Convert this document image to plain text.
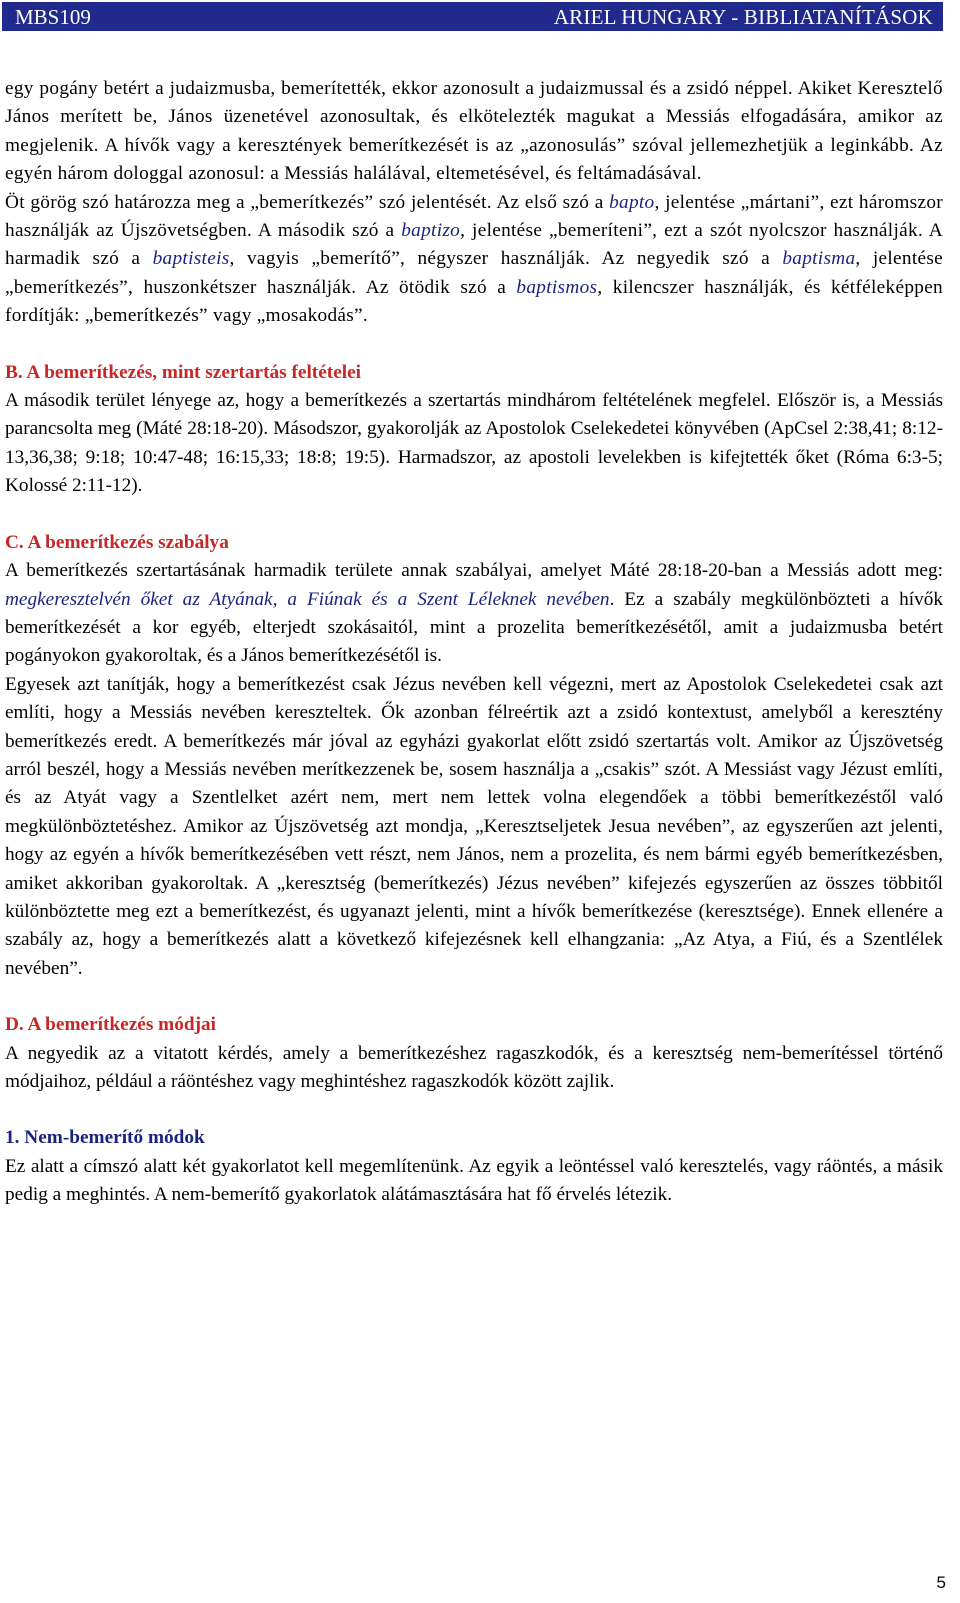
MBS109	ARIEL HUNGARY - BIBLIATANÍTÁSOK

egy pogány betért a judaizmusba, bemerítették, ekkor azonosult a judaizmussal és a zsidó néppel. Akiket Keresztelő János merített be, János üzenetével azonosultak, és elkötelezték magukat a Messiás elfogadására, amikor az megjelenik. A hívők vagy a keresztények bemerítkezését is az „azonosulás” szóval jellemezhetjük a leginkább. Az egyén három dologgal azonosul: a Messiás halálával, eltemetésével, és feltámadásával.

Öt görög szó határozza meg a „bemerítkezés” szó jelentését. Az első szó a bapto, jelentése „mártani”, ezt háromszor használják az Újszövetségben. A második szó a baptizo, jelentése „bemeríteni”, ezt a szót nyolcszor használják. A harmadik szó a baptisteis, vagyis „bemerítő”, négyszer használják. Az negyedik szó a baptisma, jelentése „bemerítkezés”, huszonkétszer használják. Az ötödik szó a baptismos, kilencszer használják, és kétféleképpen fordítják: „bemerítkezés” vagy „mosakodás”.

B. A bemerítkezés, mint szertartás feltételei

A második terület lényege az, hogy a bemerítkezés a szertartás mindhárom feltételének megfelel. Először is, a Messiás parancsolta meg (Máté 28:18-20). Másodszor, gyakorolják az Apostolok Cselekedetei könyvében (ApCsel 2:38,41; 8:12-13,36,38; 9:18; 10:47-48; 16:15,33; 18:8; 19:5). Harmadszor, az apostoli levelekben is kifejtették őket (Róma 6:3-5; Kolossé 2:11-12).

C. A bemerítkezés szabálya

A bemerítkezés szertartásának harmadik területe annak szabályai, amelyet Máté 28:18-20-ban a Messiás adott meg: megkeresztelvén őket az Atyának, a Fiúnak és a Szent Léleknek nevében. Ez a szabály megkülönbözteti a hívők bemerítkezését a kor egyéb, elterjedt szokásaitól, mint a prozelita bemerítkezésétől, amit a judaizmusba betért pogányokon gyakoroltak, és a János bemerítkezésétől is.

Egyesek azt tanítják, hogy a bemerítkezést csak Jézus nevében kell végezni, mert az Apostolok Cselekedetei csak azt említi, hogy a Messiás nevében kereszteltek. Ők azonban félreértik azt a zsidó kontextust, amelyből a keresztény bemerítkezés eredt. A bemerítkezés már jóval az egyházi gyakorlat előtt zsidó szertartás volt. Amikor az Újszövetség arról beszél, hogy a Messiás nevében merítkezzenek be, sosem használja a „csakis” szót. A Messiást vagy Jézust említi, és az Atyát vagy a Szentlelket azért nem, mert nem lettek volna elegendőek a többi bemerítkezéstől való megkülönböztetéshez. Amikor az Újszövetség azt mondja, „Keresztseljetek Jesua nevében”, az egyszerűen azt jelenti, hogy az egyén a hívők bemerítkezésében vett részt, nem János, nem a prozelita, és nem bármi egyéb bemerítkezésben, amiket akkoriban gyakoroltak. A „keresztség (bemerítkezés) Jézus nevében” kifejezés egyszerűen az összes többitől különböztette meg ezt a bemerítkezést, és ugyanazt jelenti, mint a hívők bemerítkezése (keresztsége). Ennek ellenére a szabály az, hogy a bemerítkezés alatt a következő kifejezésnek kell elhangzania: „Az Atya, a Fiú, és a Szentlélek nevében”.

D. A bemerítkezés módjai

A negyedik az a vitatott kérdés, amely a bemerítkezéshez ragaszkodók, és a keresztség nem-bemerítéssel történő módjaihoz, például a ráöntéshez vagy meghintéshez ragaszkodók között zajlik.

1. Nem-bemerítő módok

Ez alatt a címszó alatt két gyakorlatot kell megemlítenünk. Az egyik a leöntéssel való keresztelés, vagy ráöntés, a másik pedig a meghintés. A nem-bemerítő gyakorlatok alátámasztására hat fő érvelés létezik.

5
